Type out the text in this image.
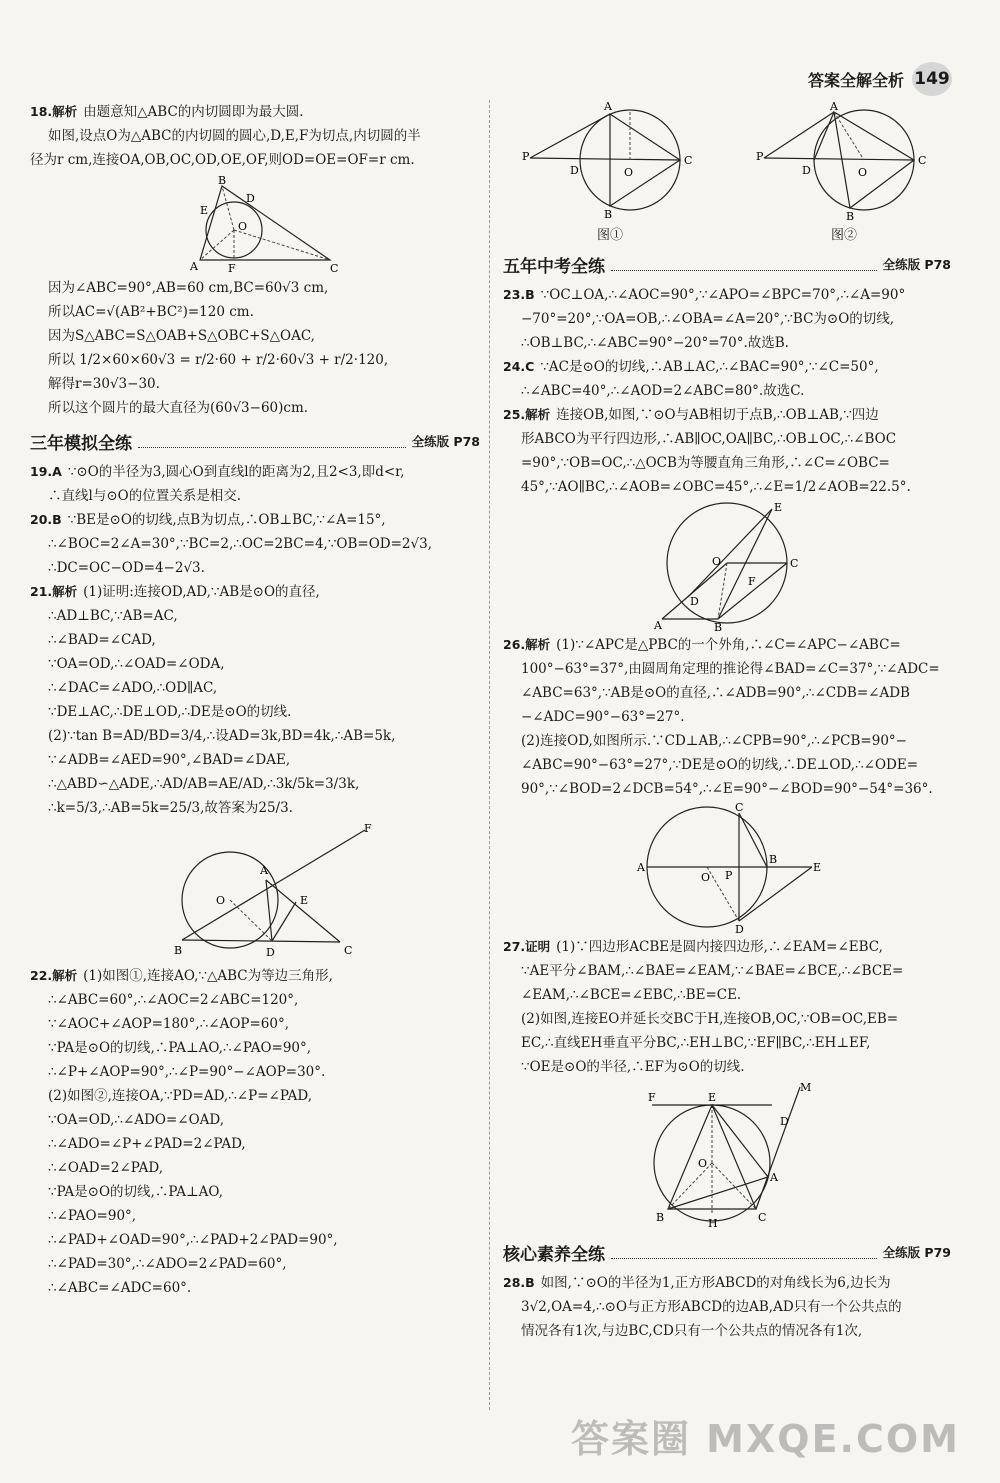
答案全解全析 149
18.解析 由题意知△ABC的内切圆即为最大圆.
如图,设点O为△ABC的内切圆的圆心,D,E,F为切点,内切圆的半
径为r cm,连接OA,OB,OC,OD,OE,OF,则OD=OE=OF=r cm.
B
D
E
O
A	F	C
因为∠ABC=90°,AB=60 cm,BC=60√3 cm,
所以AC=√(AB²+BC²)=120 cm.
因为S△ABC=S△OAB+S△OBC+S△OAC,
所以 1/2×60×60√3 = r/2·60 + r/2·60√3 + r/2·120,
解得r=30√3−30.
所以这个圆片的最大直径为(60√3−60)cm.
三年模拟全练	全练版 P78
19.A ∵⊙O的半径为3,圆心O到直线l的距离为2,且2<3,即d<r,
∴直线l与⊙O的位置关系是相交.
20.B ∵BE是⊙O的切线,点B为切点,∴OB⊥BC,∵∠A=15°,
∴∠BOC=2∠A=30°,∵BC=2,∴OC=2BC=4,∵OB=OD=2√3,
∴DC=OC−OD=4−2√3.
21.解析 (1)证明:连接OD,AD,∵AB是⊙O的直径,
∴AD⊥BC,∵AB=AC,
∴∠BAD=∠CAD,
∵OA=OD,∴∠OAD=∠ODA,
∴∠DAC=∠ADO,∴OD∥AC,
∵DE⊥AC,∴DE⊥OD,∴DE是⊙O的切线.
(2)∵tan B=AD/BD=3/4,∴设AD=3k,BD=4k,∴AB=5k,
∵∠ADB=∠AED=90°,∠BAD=∠DAE,
∴△ABD∽△ADE,∴AD/AB=AE/AD,∴3k/5k=3/3k,
∴k=5/3,∴AB=5k=25/3,故答案为25/3.
A
F
O	E
B	D	C
22.解析 (1)如图①,连接AO,∵△ABC为等边三角形,
∴∠ABC=60°,∴∠AOC=2∠ABC=120°,
∵∠AOC+∠AOP=180°,∴∠AOP=60°,
∵PA是⊙O的切线,∴PA⊥AO,∴∠PAO=90°,
∴∠P+∠AOP=90°,∴∠P=90°−∠AOP=30°.
(2)如图②,连接OA,∵PD=AD,∴∠P=∠PAD,
∵OA=OD,∴∠ADO=∠OAD,
∴∠ADO=∠P+∠PAD=2∠PAD,
∴∠OAD=2∠PAD,
∵PA是⊙O的切线,∴PA⊥AO,
∴∠PAO=90°,
∴∠PAD+∠OAD=90°,∴∠PAD+2∠PAD=90°,
∴∠PAD=30°,∴∠ADO=2∠PAD=60°,
∴∠ABC=∠ADC=60°.
A
P
D	O
C
B
图①
A
P
D	O
C
B
图②
五年中考全练	全练版 P78
23.B ∵OC⊥OA,∴∠AOC=90°,∵∠APO=∠BPC=70°,∴∠A=90°
−70°=20°,∵OA=OB,∴∠OBA=∠A=20°,∵BC为⊙O的切线,
∴OB⊥BC,∴∠ABC=90°−20°=70°.故选B.
24.C ∵AC是⊙O的切线,∴AB⊥AC,∴∠BAC=90°,∵∠C=50°,
∴∠ABC=40°,∴∠AOD=2∠ABC=80°.故选C.
25.解析 连接OB,如图,∵⊙O与AB相切于点B,∴OB⊥AB,∵四边
形ABCO为平行四边形,∴AB∥OC,OA∥BC,∴OB⊥OC,∴∠BOC
=90°,∵OB=OC,∴△OCB为等腰直角三角形,∴∠C=∠OBC=
45°,∵AO∥BC,∴∠AOB=∠OBC=45°,∴∠E=1/2∠AOB=22.5°.
E
O	C
F
D
A	B
26.解析 (1)∵∠APC是△PBC的一个外角,∴∠C=∠APC−∠ABC=
100°−63°=37°,由圆周角定理的推论得∠BAD=∠C=37°,∵∠ADC=
∠ABC=63°,∵AB是⊙O的直径,∴∠ADB=90°,∴∠CDB=∠ADB
−∠ADC=90°−63°=27°.
(2)连接OD,如图所示.∵CD⊥AB,∴∠CPB=90°,∴∠PCB=90°−
∠ABC=90°−63°=27°,∵DE是⊙O的切线,∴DE⊥OD,∴∠ODE=
90°,∵∠BOD=2∠DCB=54°,∴∠E=90°−∠BOD=90°−54°=36°.
C
A
O P
B
E
D
27.证明 (1)∵四边形ACBE是圆内接四边形,∴∠EAM=∠EBC,
∵AE平分∠BAM,∴∠BAE=∠EAM,∵∠BAE=∠BCE,∴∠BCE=
∠EAM,∴∠BCE=∠EBC,∴BE=CE.
(2)如图,连接EO并延长交BC于H,连接OB,OC,∵OB=OC,EB=
EC,∴直线EH垂直平分BC,∴EH⊥BC,∵EF∥BC,∴EH⊥EF,
∵OE是⊙O的半径,∴EF为⊙O的切线.
F	E
M
D
O
A
B	H	C
核心素养全练	全练版 P79
28.B 如图,∵⊙O的半径为1,正方形ABCD的对角线长为6,边长为
3√2,OA=4,∴⊙O与正方形ABCD的边AB,AD只有一个公共点的
情况各有1次,与边BC,CD只有一个公共点的情况各有1次,
答案圈 MXQE.COM
